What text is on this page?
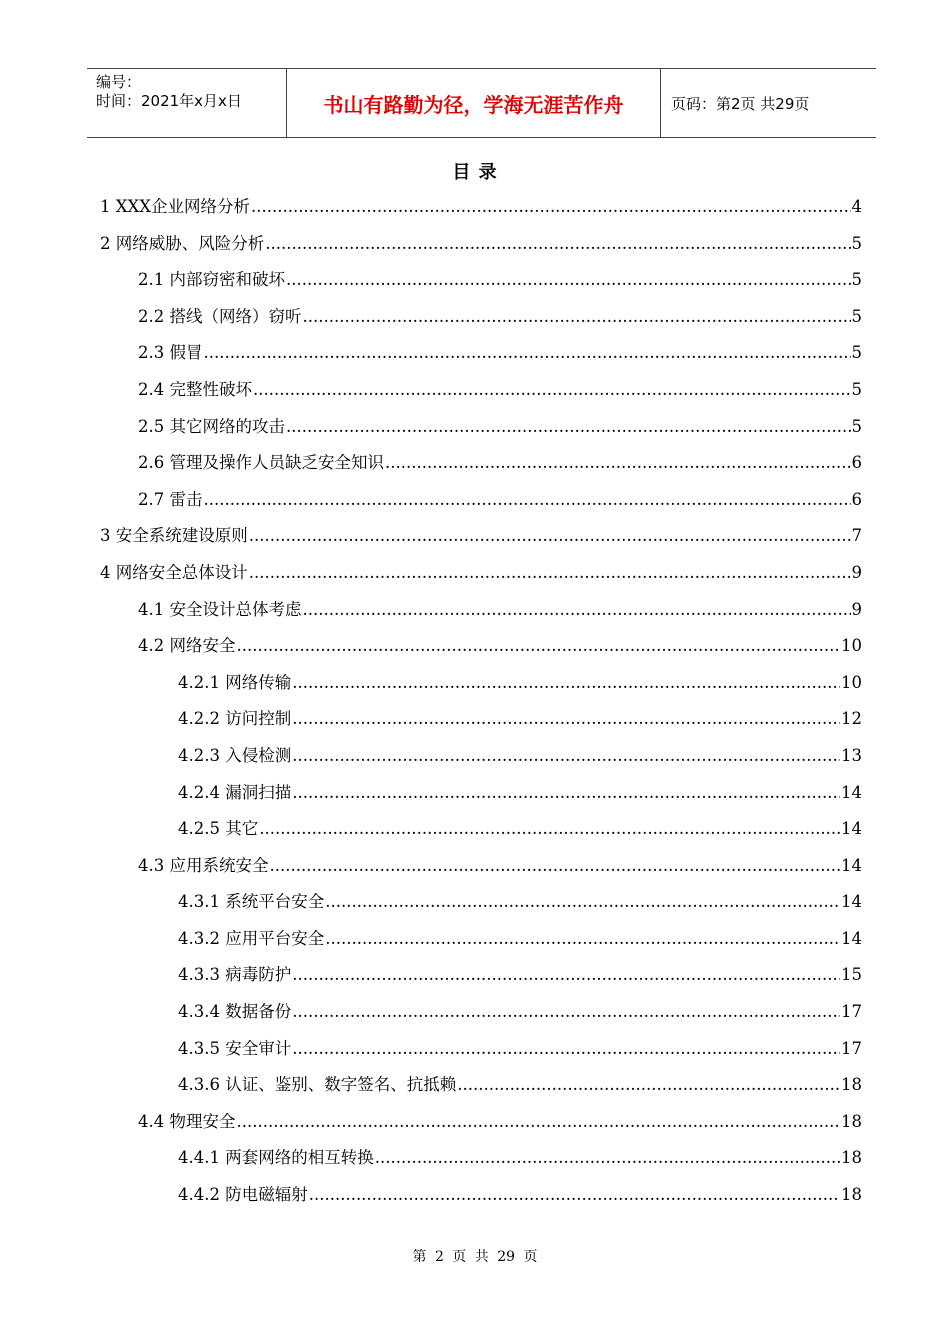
编号：
时间：2021年x月x日	书山有路勤为径，学海无涯苦作舟	页码：第2页 共29页
目 录
1 XXX企业网络分析 .....	4
2 网络威胁、风险分析 .....	5
2.1 内部窃密和破坏 .....	5
2.2 搭线（网络）窃听 .....	5
2.3 假冒 .....	5
2.4 完整性破坏 .....	5
2.5 其它网络的攻击 .....	5
2.6 管理及操作人员缺乏安全知识 .....	6
2.7 雷击 .....	6
3 安全系统建设原则 .....	7
4 网络安全总体设计 .....	9
4.1 安全设计总体考虑 .....	9
4.2 网络安全 .....	10
4.2.1 网络传输 .....	10
4.2.2 访问控制 .....	12
4.2.3 入侵检测 .....	13
4.2.4 漏洞扫描 .....	14
4.2.5 其它 .....	14
4.3 应用系统安全 .....	14
4.3.1 系统平台安全 .....	14
4.3.2 应用平台安全 .....	14
4.3.3 病毒防护 .....	15
4.3.4 数据备份 .....	17
4.3.5 安全审计 .....	17
4.3.6 认证、鉴别、数字签名、抗抵赖 .....	18
4.4 物理安全 .....	18
4.4.1 两套网络的相互转换 .....	18
4.4.2 防电磁辐射 .....	18
第 2 页 共 29 页
